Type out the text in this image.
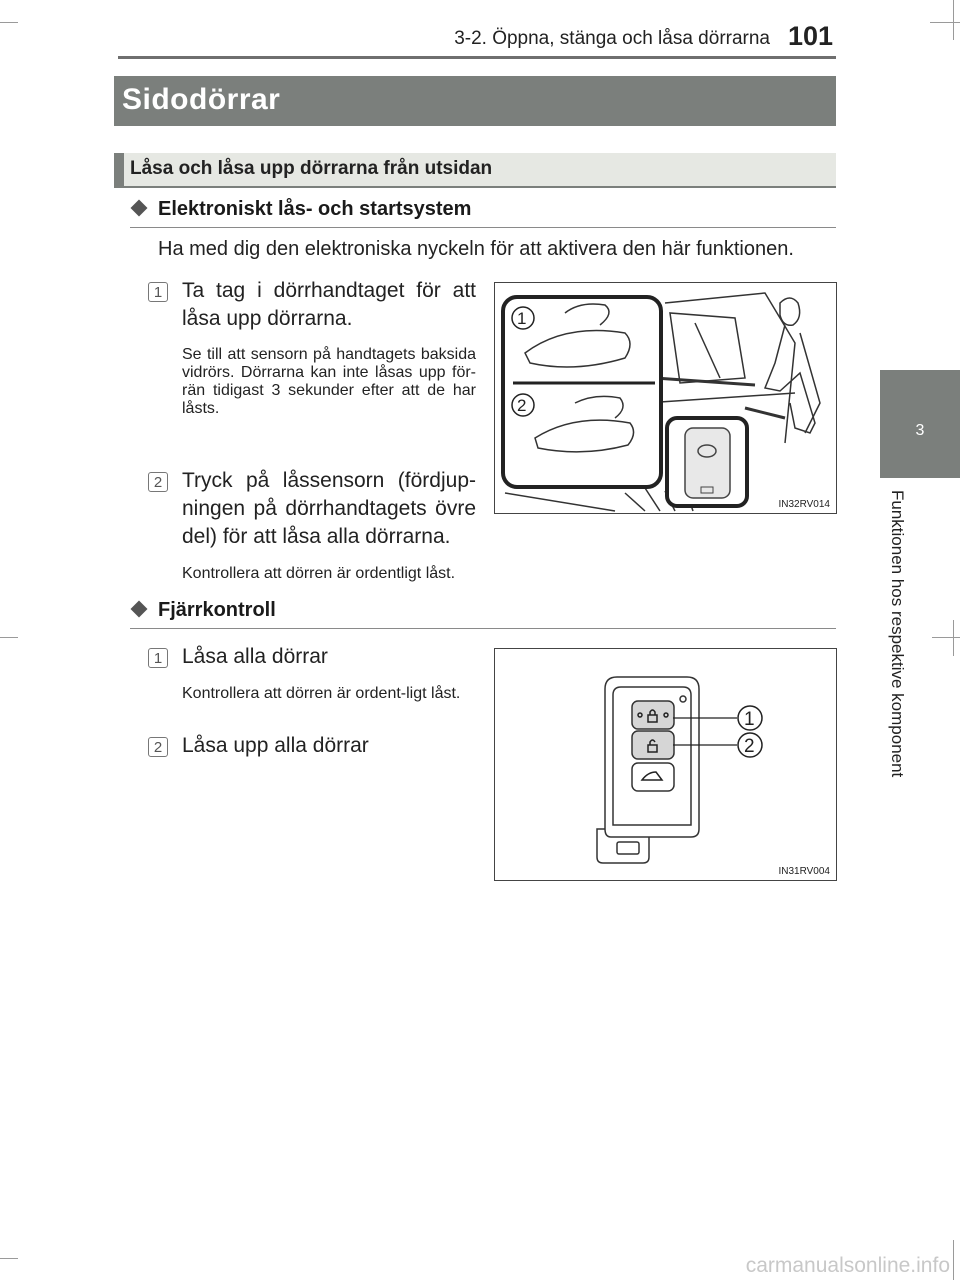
3-2. Öppna, stänga och låsa dörrarna 101
3
Funktionen hos respektive komponent
Sidodörrar
Låsa och låsa upp dörrarna från utsidan
Elektroniskt lås- och startsystem
Ha med dig den elektroniska nyckeln för att aktivera den här funktionen.
1 Ta tag i dörrhandtaget för att låsa upp dörrarna.
Se till att sensorn på handtagets baksida vidrörs. Dörrarna kan inte låsas upp för-rän tidigast 3 sekunder efter att de har låsts.
2 Tryck på låssensorn (fördjup-ningen på dörrhandtagets övre del) för att låsa alla dörrarna.
Kontrollera att dörren är ordentligt låst.
1
2
IN32RV014
Fjärrkontroll
1 Låsa alla dörrar
Kontrollera att dörren är ordent-ligt låst.
2 Låsa upp alla dörrar
1
2
IN31RV004
carmanualsonline.info
